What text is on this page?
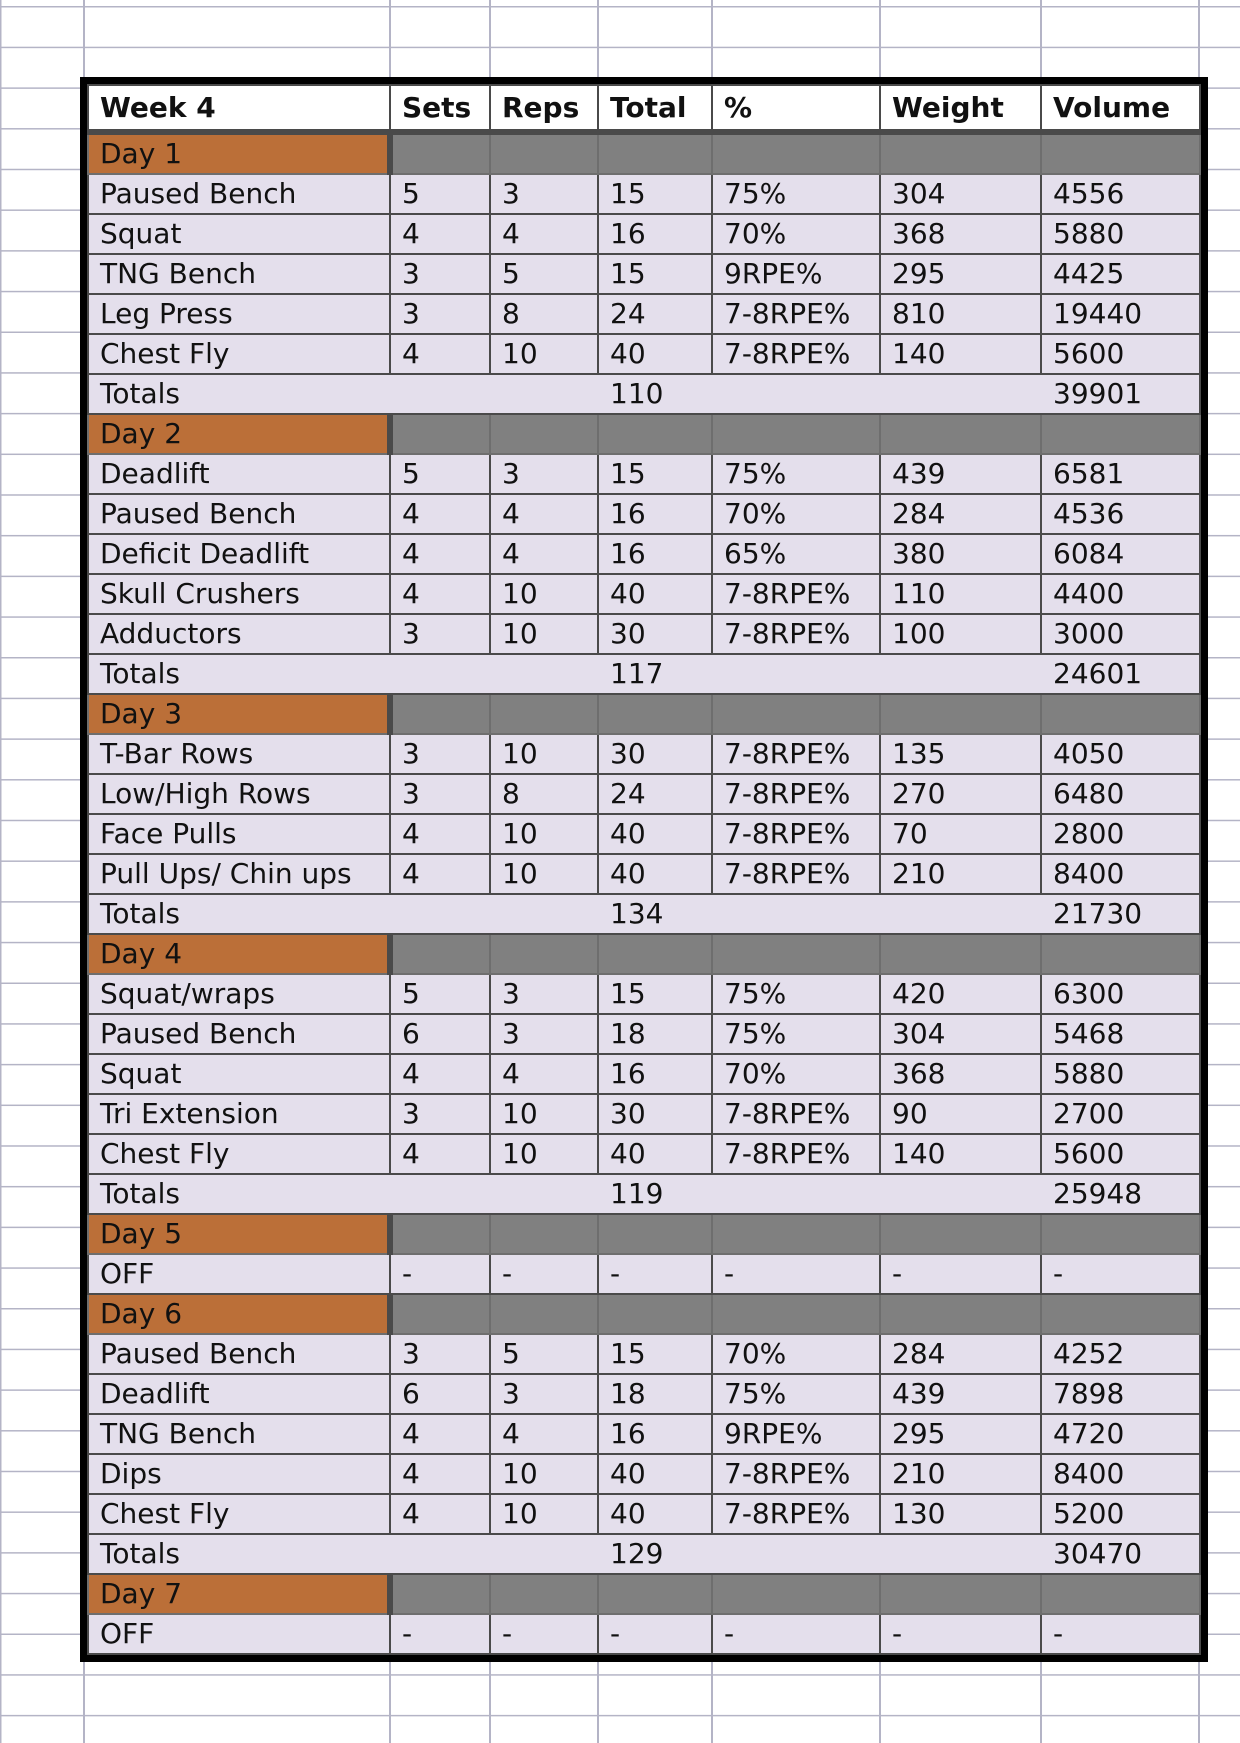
Week 4	Sets	Reps	Total	%	Weight	Volume
Day 1						
Paused Bench	5	3	15	75%	304	4556
Squat	4	4	16	70%	368	5880
TNG Bench	3	5	15	9RPE%	295	4425
Leg Press	3	8	24	7-8RPE%	810	19440
Chest Fly	4	10	40	7-8RPE%	140	5600
Totals			110			39901
Day 2						
Deadlift	5	3	15	75%	439	6581
Paused Bench	4	4	16	70%	284	4536
Deficit Deadlift	4	4	16	65%	380	6084
Skull Crushers	4	10	40	7-8RPE%	110	4400
Adductors	3	10	30	7-8RPE%	100	3000
Totals			117			24601
Day 3						
T-Bar Rows	3	10	30	7-8RPE%	135	4050
Low/High Rows	3	8	24	7-8RPE%	270	6480
Face Pulls	4	10	40	7-8RPE%	70	2800
Pull Ups/ Chin ups	4	10	40	7-8RPE%	210	8400
Totals			134			21730
Day 4						
Squat/wraps	5	3	15	75%	420	6300
Paused Bench	6	3	18	75%	304	5468
Squat	4	4	16	70%	368	5880
Tri Extension	3	10	30	7-8RPE%	90	2700
Chest Fly	4	10	40	7-8RPE%	140	5600
Totals			119			25948
Day 5						
OFF	-	-	-	-	-	-
Day 6						
Paused Bench	3	5	15	70%	284	4252
Deadlift	6	3	18	75%	439	7898
TNG Bench	4	4	16	9RPE%	295	4720
Dips	4	10	40	7-8RPE%	210	8400
Chest Fly	4	10	40	7-8RPE%	130	5200
Totals			129			30470
Day 7						
OFF	-	-	-	-	-	-
